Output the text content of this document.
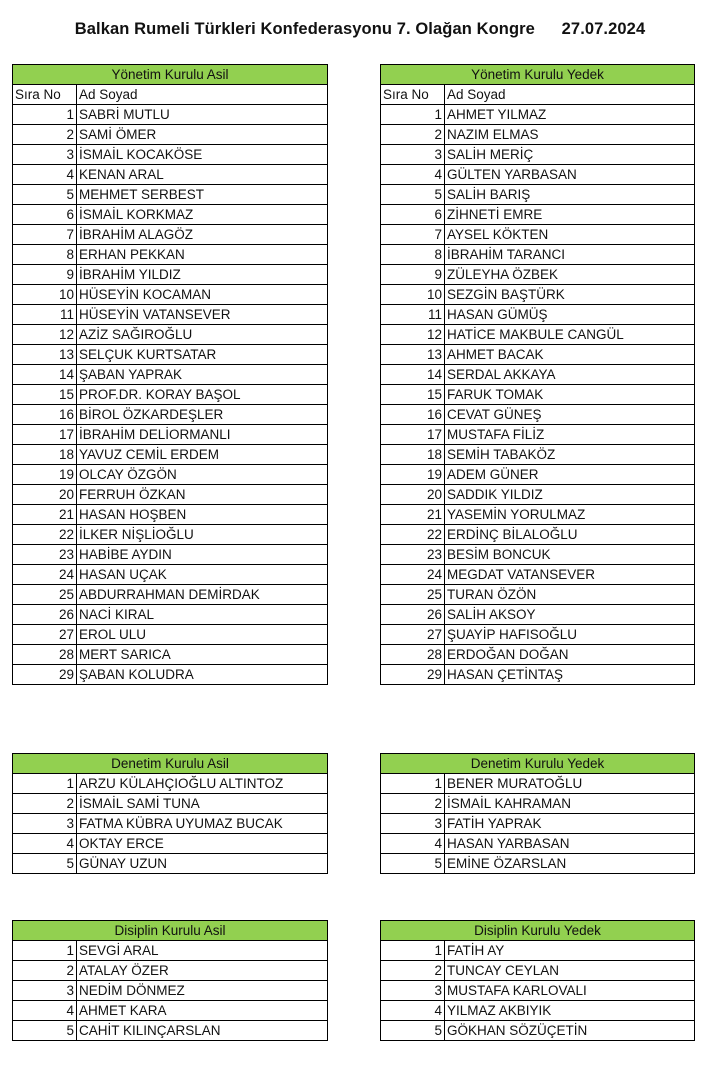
Balkan Rumeli Türkleri Konfederasyonu 7. Olağan Kongre 27.07.2024
Yönetim Kurulu Asil	
Sıra No	Ad Soyad
1	SABRİ MUTLU
2	SAMİ ÖMER
3	İSMAİL KOCAKÖSE
4	KENAN ARAL
5	MEHMET SERBEST
6	İSMAİL KORKMAZ
7	İBRAHİM ALAGÖZ
8	ERHAN PEKKAN
9	İBRAHİM YILDIZ
10	HÜSEYİN KOCAMAN
11	HÜSEYİN VATANSEVER
12	AZİZ SAĞIROĞLU
13	SELÇUK KURTSATAR
14	ŞABAN YAPRAK
15	PROF.DR. KORAY BAŞOL
16	BİROL ÖZKARDEŞLER
17	İBRAHİM DELİORMANLI
18	YAVUZ CEMİL ERDEM
19	OLCAY ÖZGÖN
20	FERRUH ÖZKAN
21	HASAN HOŞBEN
22	İLKER NİŞLİOĞLU
23	HABİBE AYDIN
24	HASAN UÇAK
25	ABDURRAHMAN DEMİRDAK
26	NACİ KIRAL
27	EROL ULU
28	MERT SARICA
29	ŞABAN KOLUDRA
Yönetim Kurulu Yedek	
Sıra No	Ad Soyad
1	AHMET YILMAZ
2	NAZIM ELMAS
3	SALİH MERİÇ
4	GÜLTEN YARBASAN
5	SALİH BARIŞ
6	ZİHNETİ EMRE
7	AYSEL KÖKTEN
8	İBRAHİM TARANCI
9	ZÜLEYHA ÖZBEK
10	SEZGİN BAŞTÜRK
11	HASAN GÜMÜŞ
12	HATİCE MAKBULE CANGÜL
13	AHMET BACAK
14	SERDAL AKKAYA
15	FARUK TOMAK
16	CEVAT GÜNEŞ
17	MUSTAFA FİLİZ
18	SEMİH TABAKÖZ
19	ADEM GÜNER
20	SADDIK YILDIZ
21	YASEMİN YORULMAZ
22	ERDİNÇ BİLALOĞLU
23	BESİM BONCUK
24	MEGDAT VATANSEVER
25	TURAN ÖZÖN
26	SALİH AKSOY
27	ŞUAYİP HAFISOĞLU
28	ERDOĞAN DOĞAN
29	HASAN ÇETİNTAŞ
Denetim Kurulu Asil	
1	ARZU KÜLAHÇIOĞLU ALTINTOZ
2	İSMAİL SAMİ TUNA
3	FATMA KÜBRA UYUMAZ BUCAK
4	OKTAY ERCE
5	GÜNAY UZUN
Denetim Kurulu Yedek	
1	BENER MURATOĞLU
2	İSMAİL KAHRAMAN
3	FATİH YAPRAK
4	HASAN YARBASAN
5	EMİNE ÖZARSLAN
Disiplin Kurulu Asil	
1	SEVGİ ARAL
2	ATALAY ÖZER
3	NEDİM DÖNMEZ
4	AHMET KARA
5	CAHİT KILINÇARSLAN
Disiplin Kurulu Yedek	
1	FATİH AY
2	TUNCAY CEYLAN
3	MUSTAFA KARLOVALI
4	YILMAZ AKBIYIK
5	GÖKHAN SÖZÜÇETİN
